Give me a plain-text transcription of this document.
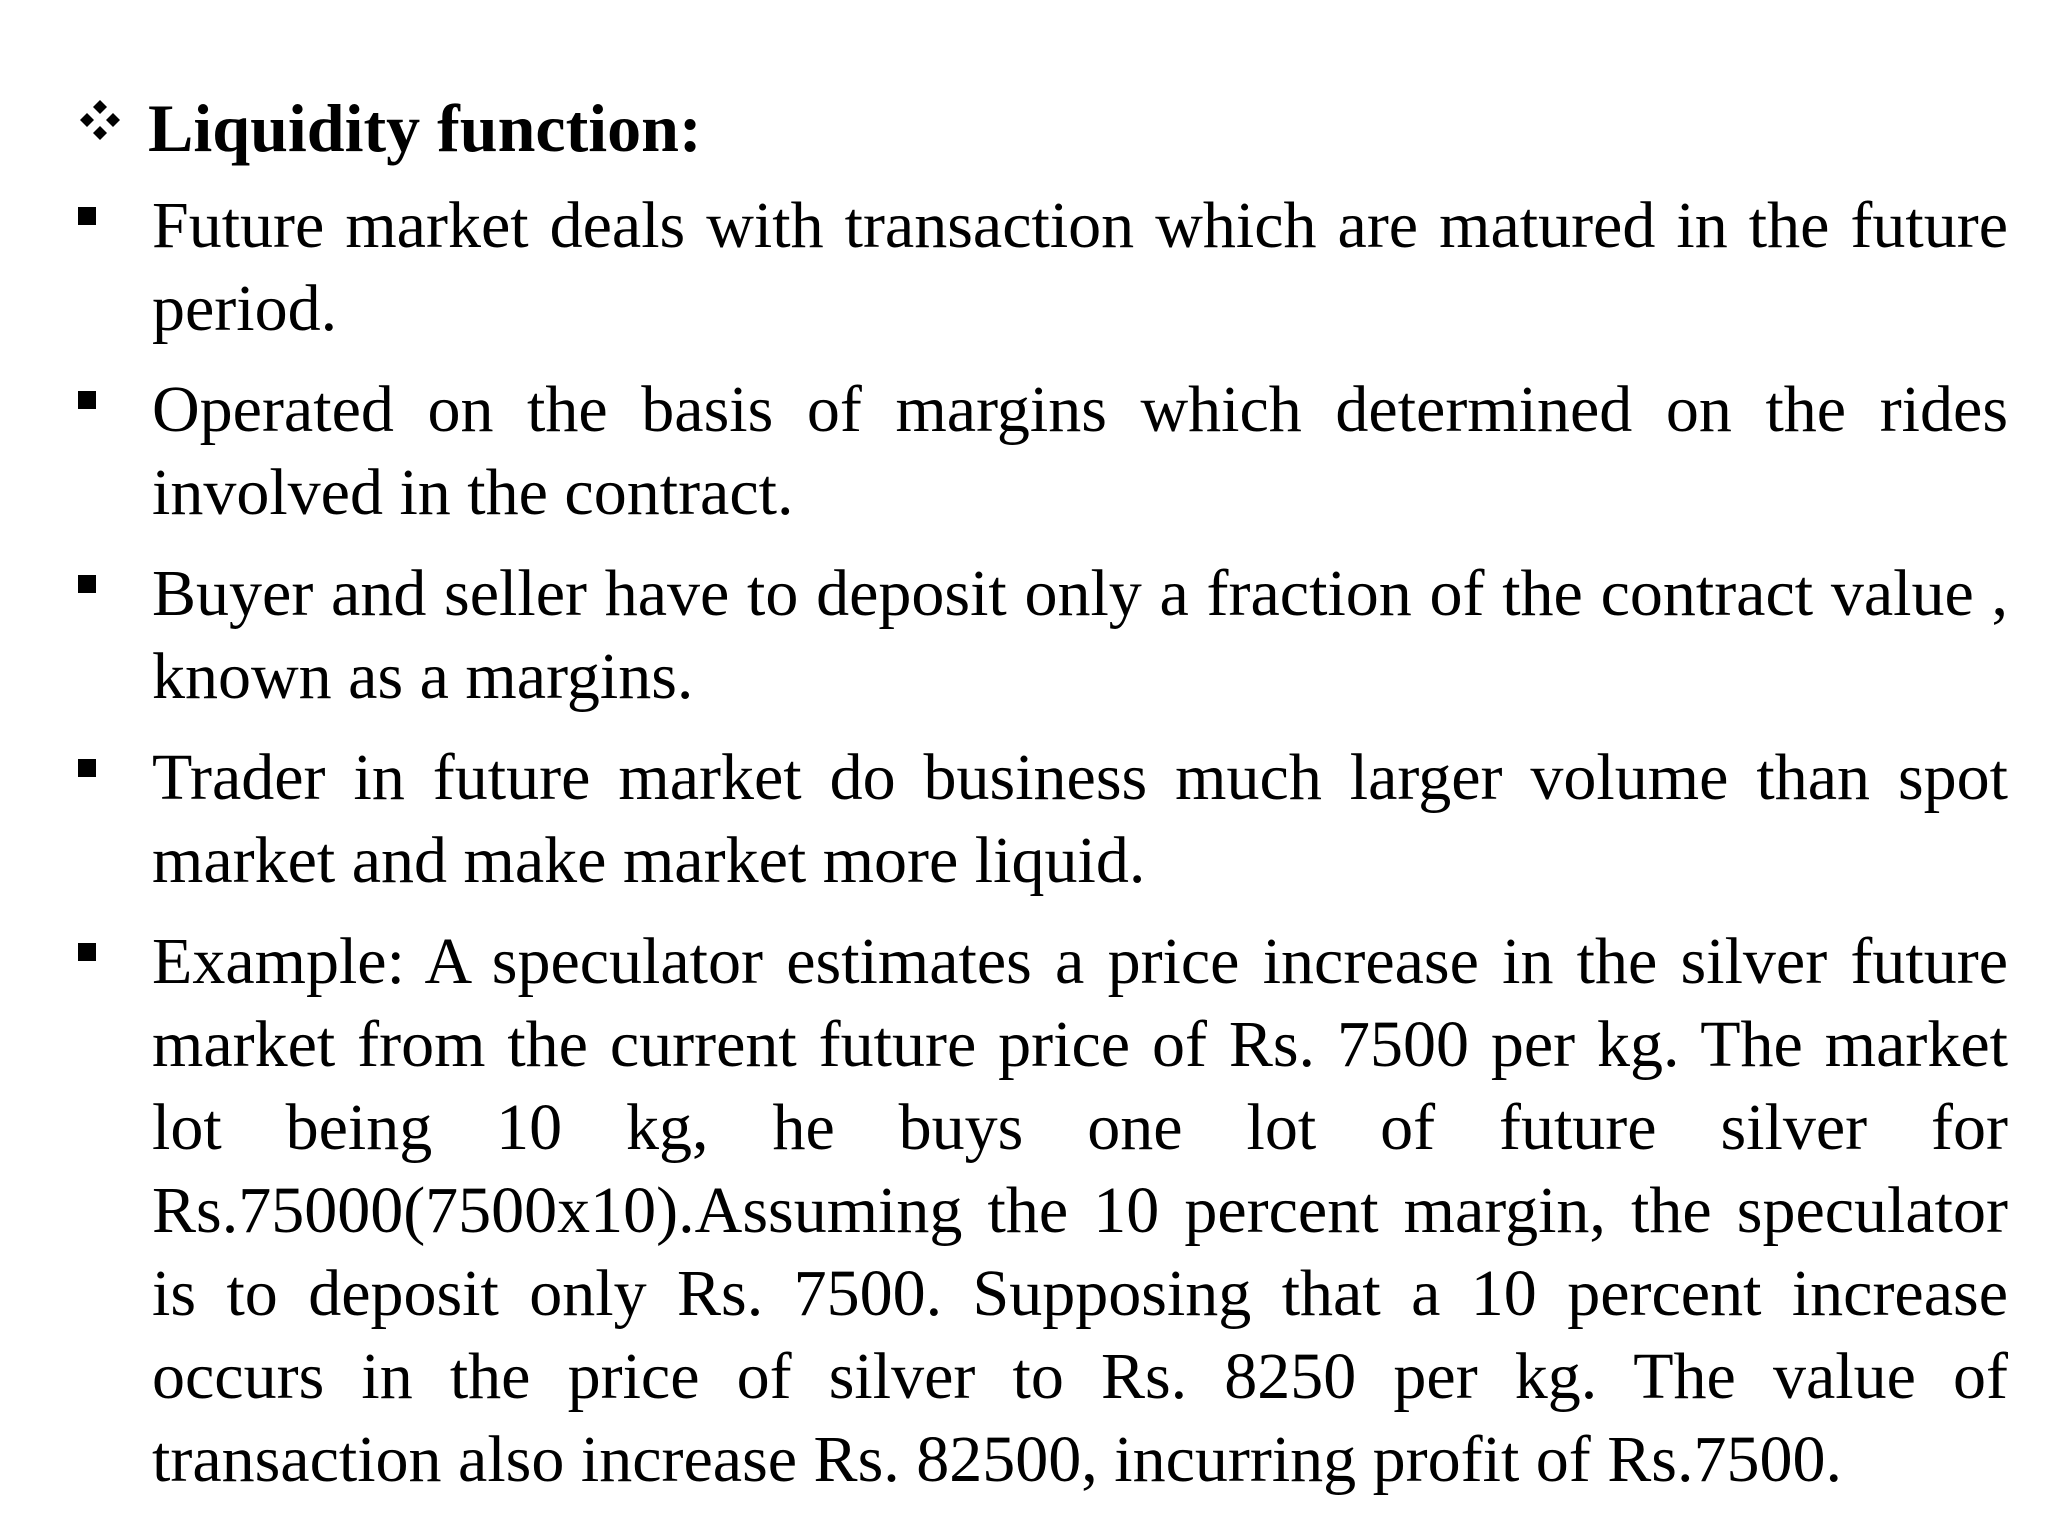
Liquidity function:
Future market deals with transaction which are matured in the future period.
Operated on the basis of margins which determined on the rides involved in the contract.
Buyer and seller have to deposit only a fraction of the contract value , known as a margins.
Trader in future market do business much larger volume than spot market and make market more liquid.
Example: A speculator estimates a price increase in the silver future market from the current future price of Rs. 7500 per kg. The market lot being 10 kg, he buys one lot of future silver for Rs.75000(7500x10).Assuming the 10 percent margin, the speculator is to deposit only Rs. 7500. Supposing that a 10 percent increase occurs in the price of silver to Rs. 8250 per kg. The value of transaction also increase Rs. 82500, incurring profit of Rs.7500.
